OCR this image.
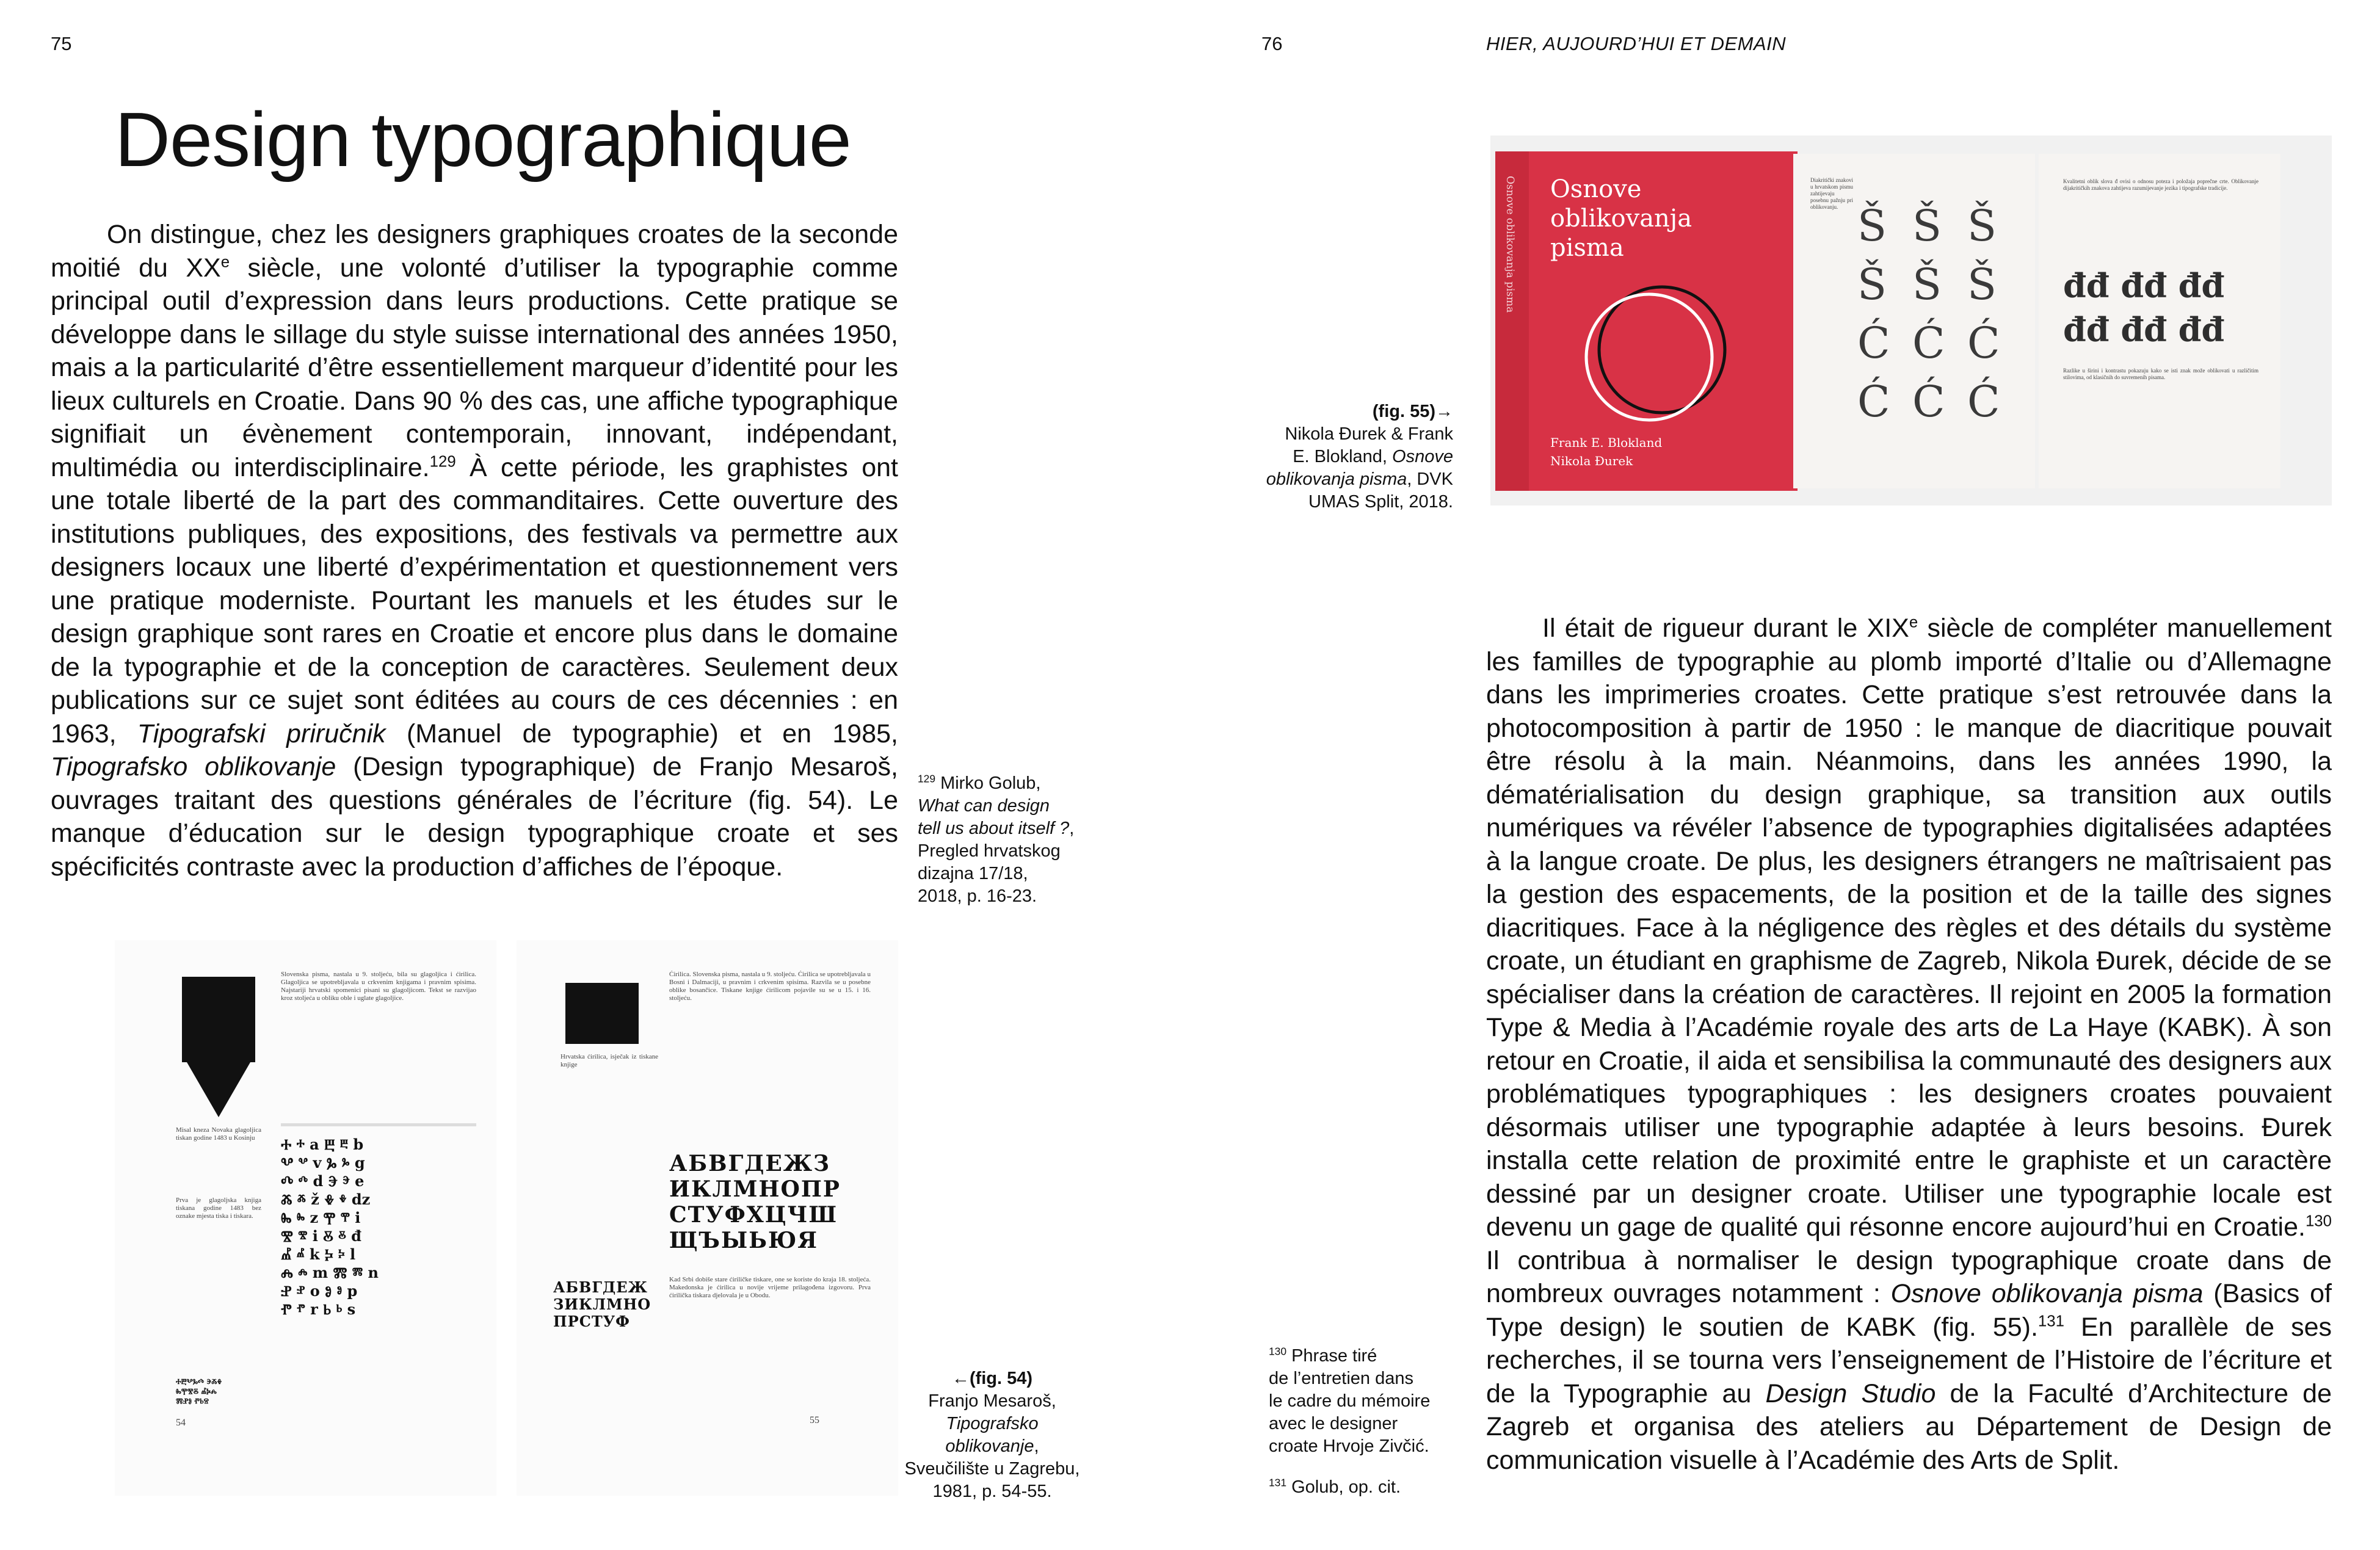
75
Design typographique

On distingue, chez les designers graphiques croates de la seconde moitié du XXe siècle, une volonté d’utiliser la typographie comme principal outil d’expression dans leurs productions. Cette pratique se développe dans le sillage du style suisse international des années 1950, mais a la particularité d’être essentiellement marqueur d’identité pour les lieux culturels en Croatie. Dans 90 % des cas, une affiche typographique signifiait un évènement contemporain, innovant, indépendant, multimédia ou interdisciplinaire.$^{129}$ À cette période, les graphistes ont une totale liberté de la part des commanditaires. Cette ouverture des institutions publiques, des expositions, des festivals va permettre aux designers locaux une liberté d’expérimentation et questionnement vers une pratique moderniste. Pourtant les manuels et les études sur le design graphique sont rares en Croatie et encore plus dans le domaine de la typographie et de la conception de caractères. Seulement deux publications sur ce sujet sont éditées au cours de ces décennies : en 1963, Tipografski priručnik (Manuel de typographie) et en 1985, Tipografsko oblikovanje (Design typographique) de Franjo Mesaroš, ouvrages traitant des questions générales de l’écriture (fig. 54). Le manque d’éducation sur le design typographique croate et ses spécificités contraste avec la production d’affiches de l’époque.

$^{129}$ Mirko Golub,
What can design
tell us about itself ?,
Pregled hrvatskog
dizajna 17/18,
2018, p. 16-23.
Misal kneza Novaka glagoljica tiskan godine 1483 u Kosinju
Prva je glagoljska knjiga tiskana godine 1483 bez oznake mjesta tiska i tiskara.
Slovenska pisma, nastala u 9. stoljeću, bila su glagoljica i ćirilica. Glagoljica se upotrebljavala u crkvenim knjigama i pravnim spisima. Najstariji hrvatski spomenici pisani su glagoljicom. Tekst se razvijao kroz stoljeća u obliku oble i uglate glagoljice.
Ⰰ ⰰ a Ⰱ ⰱ b
Ⰲ ⰲ v Ⰳ ⰳ g
Ⰴ ⰴ d Ⰵ ⰵ e
Ⰶ ⰶ ž Ⰷ ⰷ dz
Ⰸ ⰸ z Ⰹ ⰹ i
Ⰺ ⰺ i Ⰻ ⰻ đ
Ⰼ ⰼ k Ⰽ ⰽ l
Ⰾ ⰾ m Ⰿ ⰿ n
Ⱀ ⱀ o Ⱁ ⱁ p
Ⱂ ⱂ r Ⱃ ⱃ s
ⰀⰁⰂⰃⰄ ⰅⰆⰇ
ⰈⰉⰊⰋ ⰌⰍⰎ
ⰏⰐⰑ ⰒⰓⰔ
54
Hrvatska ćirilica, isječak iz tiskane knjige
Ćirilica. Slovenska pisma, nastala u 9. stoljeću. Ćirilica se upotrebljavala u Bosni i Dalmaciji, u pravnim i crkvenim spisima. Razvila se u posebne oblike bosančice. Tiskane knjige ćirilicom pojavile su se u 15. i 16. stoljeću.
АБВГДЕЖЗ
ИКЛМНОПР
СТУФХЦЧШ
ЩЪЫЬЮЯ
АБВГДЕЖ
ЗИКЛМНО
ПРСТУФ
Kad Srbi dobiše stare ćiriličke tiskare, one se koriste do kraja 18. stoljeća. Makedonska je ćirilica u novije vrijeme prilagođena izgovoru. Prva ćirilička tiskara djelovala je u Obodu.
55
←(fig. 54)
Franjo Mesaroš,
Tipografsko
oblikovanje,
Sveučilište u Zagrebu,
1981, p. 54-55.
76	HIER, AUJOURD’HUI ET DEMAIN
Osnove
oblikovanja
pisma
Frank E. Blokland
Nikola Đurek
Osnove oblikovanja pisma	Diakritički znakovi u hrvatskom pismu zahtijevaju posebnu pažnju pri oblikovanju. Š Š Š
Š Š Š
Ć Ć Ć
Ć Ć Ć
Kvalitetni oblik slova đ ovisi o odnosu poteza i položaja poprečne crte. Oblikovanje dijakritičkih znakova zahtijeva razumijevanje jezika i tipografske tradicije.
đđ đđ đđ
đđ đđ đđ
Razlike u širini i kontrastu pokazuju kako se isti znak može oblikovati u različitim stilovima, od klasičnih do suvremenih pisama.
(fig. 55)→
Nikola Đurek & Frank
E. Blokland, Osnove
oblikovanja pisma, DVK
UMAS Split, 2018.

Il était de rigueur durant le XIXe siècle de compléter manuellement les familles de typographie au plomb importé d’Italie ou d’Allemagne dans les imprimeries croates. Cette pratique s’est retrouvée dans la photocomposition à partir de 1950 : le manque de diacritique pouvait être résolu à la main. Néanmoins, dans les années 1990, la dématérialisation du design graphique, sa transition aux outils numériques va révéler l’absence de typographies digitalisées adaptées à la langue croate. De plus, les designers étrangers ne maîtrisaient pas la gestion des espacements, de la position et de la taille des signes diacritiques. Face à la négligence des règles et des détails du système croate, un étudiant en graphisme de Zagreb, Nikola Đurek, décide de se spécialiser dans la création de caractères. Il rejoint en 2005 la formation Type & Media à l’Académie royale des arts de La Haye (KABK). À son retour en Croatie, il aida et sensibilisa la communauté des designers aux problématiques typographiques : les designers croates pouvaient désormais utiliser une typographie adaptée à leurs besoins. Đurek installa cette relation de proximité entre le graphiste et un caractère dessiné par un designer croate. Utiliser une typographie locale est devenu un gage de qualité qui résonne encore aujourd’hui en Croatie.$^{130}$ Il contribua à normaliser le design typographique croate dans de nombreux ouvrages notamment : Osnove oblikovanja pisma (Basics of Type design) le soutien de KABK (fig. 55).$^{131}$ En parallèle de ses recherches, il se tourna vers l’enseignement de l’Histoire de l’écriture et de la Typographie au Design Studio de la Faculté d’Architecture de Zagreb et organisa des ateliers au Département de Design de communication visuelle à l’Académie des Arts de Split.

$^{130}$ Phrase tiré
de l’entretien dans
le cadre du mémoire
avec le designer
croate Hrvoje Zivčić.
$^{131}$ Golub, op. cit.
